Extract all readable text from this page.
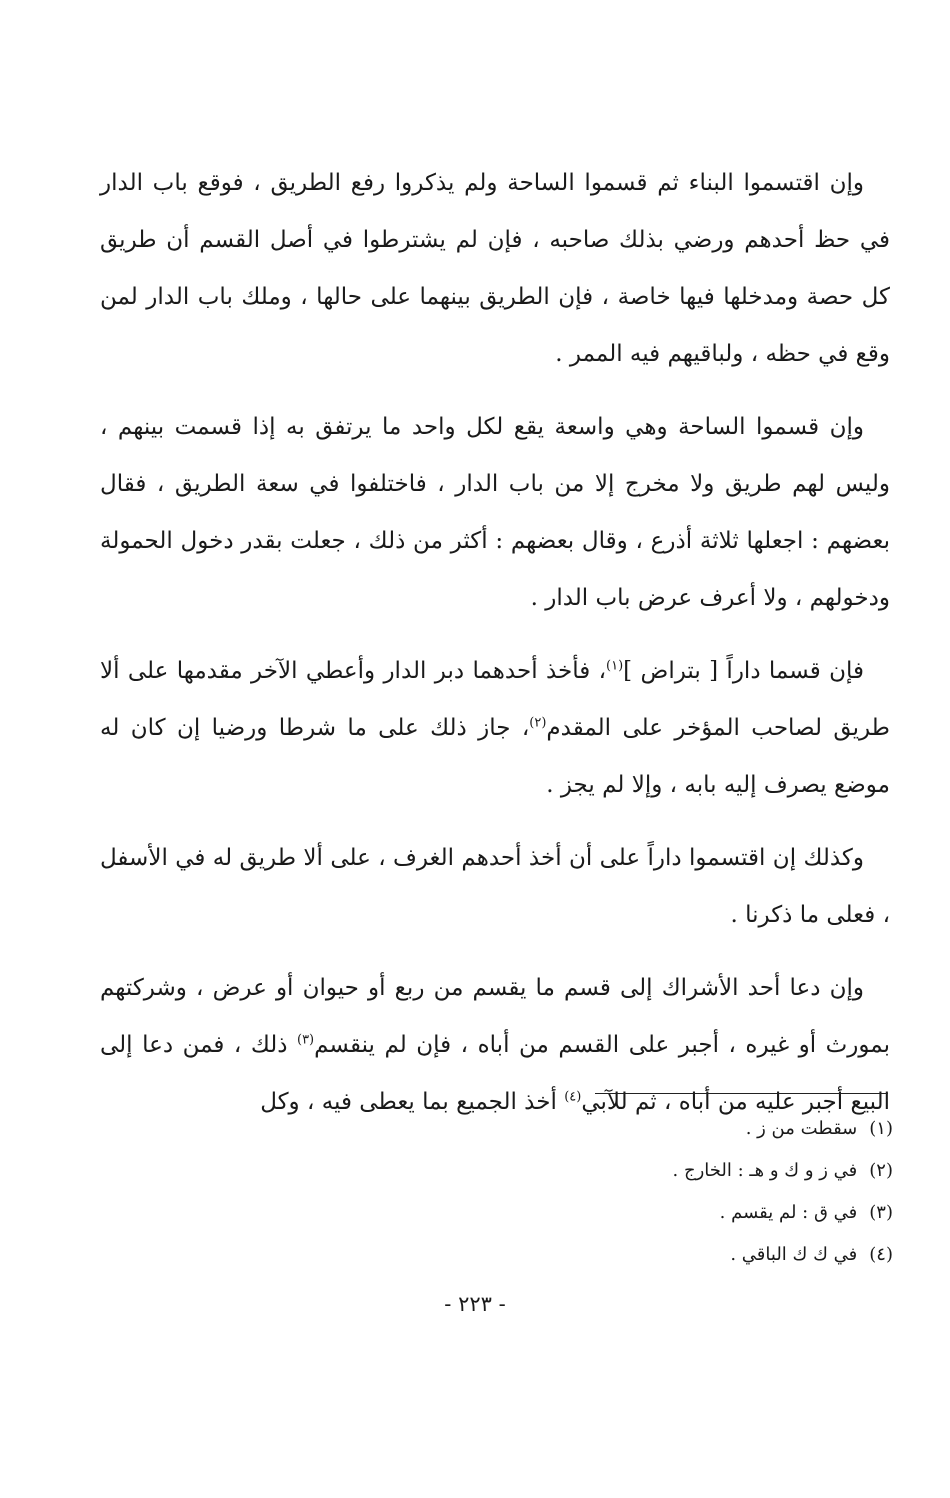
وإن اقتسموا البناء ثم قسموا الساحة ولم يذكروا رفع الطريق ، فوقع باب الدار في حظ أحدهم ورضي بذلك صاحبه ، فإن لم يشترطوا في أصل القسم أن طريق كل حصة ومدخلها فيها خاصة ، فإن الطريق بينهما على حالها ، وملك باب الدار لمن وقع في حظه ، ولباقيهم فيه الممر .

وإن قسموا الساحة وهي واسعة يقع لكل واحد ما يرتفق به إذا قسمت بينهم ، وليس لهم طريق ولا مخرج إلا من باب الدار ، فاختلفوا في سعة الطريق ، فقال بعضهم : اجعلها ثلاثة أذرع ، وقال بعضهم : أكثر من ذلك ، جعلت بقدر دخول الحمولة ودخولهم ، ولا أعرف عرض باب الدار .

فإن قسما داراً [ بتراض ]$^{(١)}$، فأخذ أحدهما دبر الدار وأعطي الآخر مقدمها على ألا طريق لصاحب المؤخر على المقدم$^{(٢)}$، جاز ذلك على ما شرطا ورضيا إن كان له موضع يصرف إليه بابه ، وإلا لم يجز .

وكذلك إن اقتسموا داراً على أن أخذ أحدهم الغرف ، على ألا طريق له في الأسفل ، فعلى ما ذكرنا .

وإن دعا أحد الأشراك إلى قسم ما يقسم من ربع أو حيوان أو عرض ، وشركتهم بمورث أو غيره ، أجبر على القسم من أباه ، فإن لم ينقسم$^{(٣)}$ ذلك ، فمن دعا إلى البيع أجبر عليه من أباه ، ثم للآبي$^{(٤)}$ أخذ الجميع بما يعطى فيه ، وكل

(١)سقطت من ز .
(٢)في ز و ك و هـ : الخارج .
(٣)في ق : لم يقسم .
(٤)في ك ك الباقي .
- ٢٢٣ -
